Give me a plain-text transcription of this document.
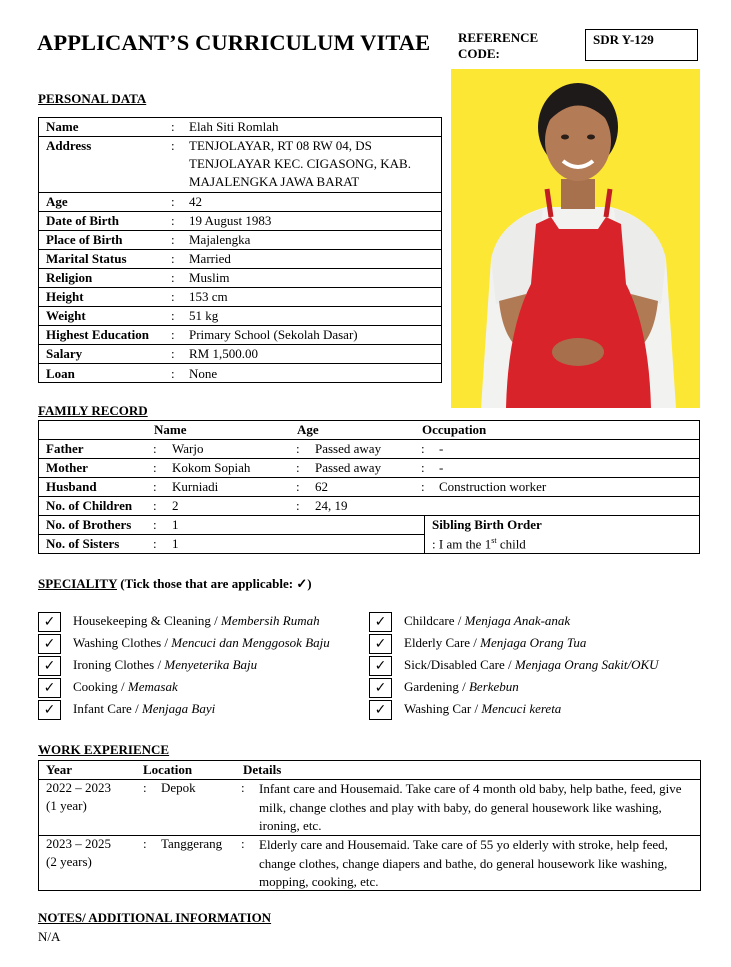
APPLICANT’S CURRICULUM VITAE REFERENCE CODE:
SDR Y-129
PERSONAL DATA
Name	: Elah Siti Romlah
Address	: TENJOLAYAR, RT 08 RW 04, DS
TENJOLAYAR KEC. CIGASONG, KAB.
MAJALENGKA JAWA BARAT
Age	: 42
Date of Birth	: 19 August 1983
Place of Birth	: Majalengka
Marital Status	: Married
Religion	: Muslim
Height	: 153 cm
Weight	: 51 kg
Highest Education : Primary School (Sekolah Dasar)
Salary	: RM 1,500.00
Loan	: None
FAMILY RECORD
Name	Age	Occupation
Father	: Warjo	: Passed away	: -
Mother	: Kokom Sopiah	: Passed away	: -
Husband	: Kurniadi	: 62	: Construction worker
No. of Children : 2	: 24, 19
No. of Brothers : 1
No. of Sisters	: 1
Sibling Birth Order
: I am the 1st child
SPECIALITY (Tick those that are applicable: ✓)
✓	Housekeeping & Cleaning / Membersih Rumah
✓	Washing Clothes / Mencuci dan Menggosok Baju
✓	Ironing Clothes / Menyeterika Baju
✓	Cooking / Memasak
✓	Infant Care / Menjaga Bayi
✓	Childcare / Menjaga Anak-anak
✓	Elderly Care / Menjaga Orang Tua
✓	Sick/Disabled Care / Menjaga Orang Sakit/OKU
✓	Gardening / Berkebun
✓	Washing Car / Mencuci kereta
WORK EXPERIENCE
Year	Location	Details
2022 – 2023
(1 year)
: Depok	: Infant care and Housemaid. Take care of 4 month old baby, help bathe, feed, give milk, change clothes and play with baby, do general housework like washing, ironing, etc.
2023 – 2025
(2 years)
: Tanggerang : Elderly care and Housemaid. Take care of 55 yo elderly with stroke, help feed, change clothes, change diapers and bathe, do general housework like washing, mopping, cooking, etc.
NOTES/ ADDITIONAL INFORMATION
N/A
